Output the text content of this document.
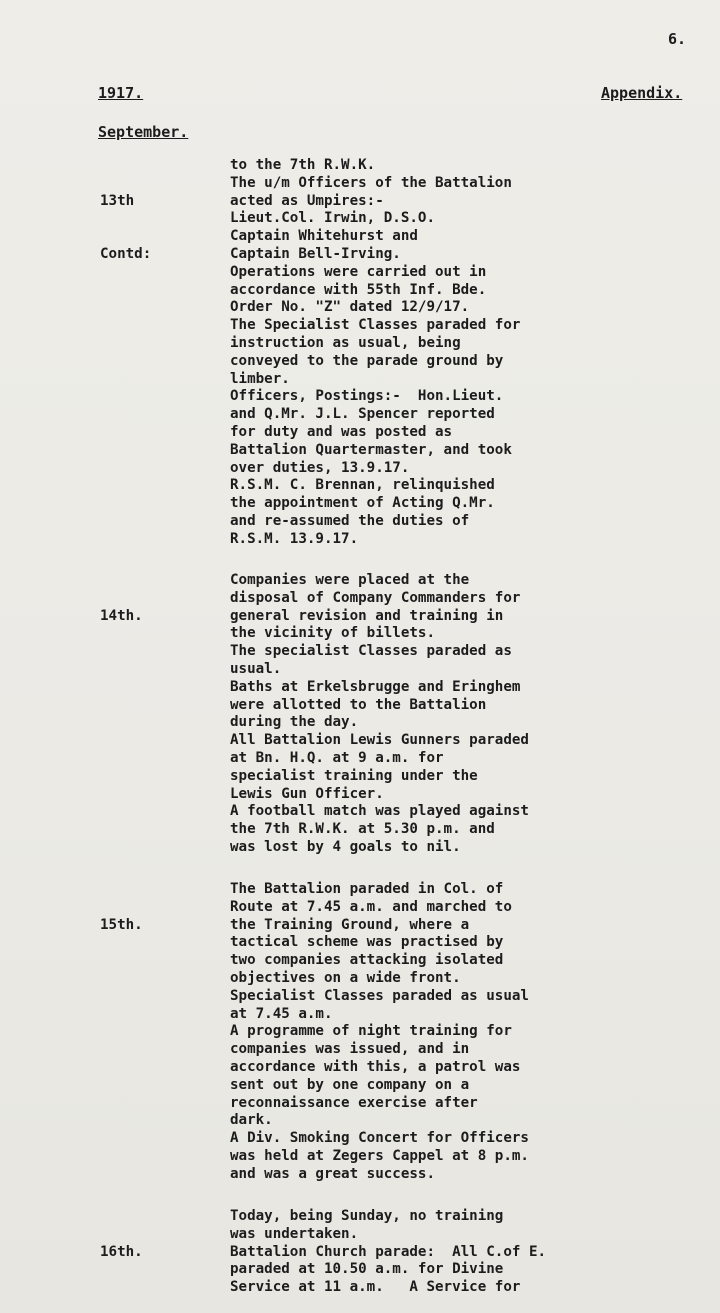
6.
1917.	Appendix.
September.

13th

Contd:

to the 7th R.W.K.
The u/m Officers of the Battalion
acted as Umpires:-
Lieut.Col. Irwin, D.S.O.
Captain Whitehurst and
Captain Bell-Irving.
Operations were carried out in
accordance with 55th Inf. Bde.
Order No. "Z" dated 12/9/17.
The Specialist Classes paraded for
instruction as usual, being
conveyed to the parade ground by
limber.
Officers, Postings:-  Hon.Lieut.
and Q.Mr. J.L. Spencer reported
for duty and was posted as
Battalion Quartermaster, and took
over duties, 13.9.17.
R.S.M. C. Brennan, relinquished
the appointment of Acting Q.Mr.
and re-assumed the duties of
R.S.M. 13.9.17.

14th.

Companies were placed at the
disposal of Company Commanders for
general revision and training in
the vicinity of billets.
The specialist Classes paraded as
usual.
Baths at Erkelsbrugge and Eringhem
were allotted to the Battalion
during the day.
All Battalion Lewis Gunners paraded
at Bn. H.Q. at 9 a.m. for
specialist training under the
Lewis Gun Officer.
A football match was played against
the 7th R.W.K. at 5.30 p.m. and
was lost by 4 goals to nil.

15th.

The Battalion paraded in Col. of
Route at 7.45 a.m. and marched to
the Training Ground, where a
tactical scheme was practised by
two companies attacking isolated
objectives on a wide front.
Specialist Classes paraded as usual
at 7.45 a.m.
A programme of night training for
companies was issued, and in
accordance with this, a patrol was
sent out by one company on a
reconnaissance exercise after
dark.
A Div. Smoking Concert for Officers
was held at Zegers Cappel at 8 p.m.
and was a great success.

16th.

Today, being Sunday, no training
was undertaken.
Battalion Church parade:  All C.of E.
paraded at 10.50 a.m. for Divine
Service at 11 a.m.   A Service for
